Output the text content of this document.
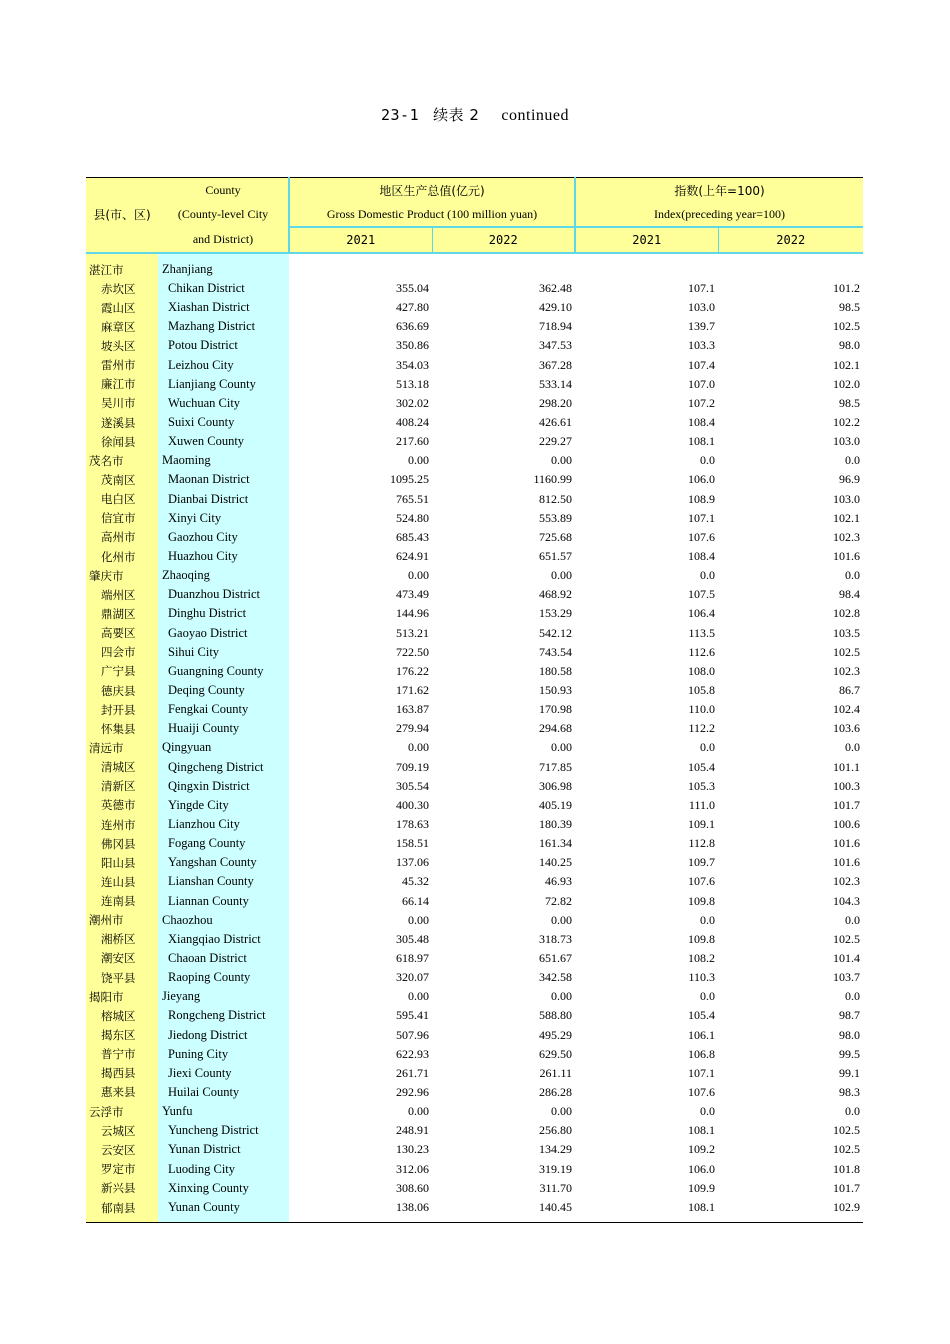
23-1 续表 2 continued
	County	地区生产总值(亿元)		指数(上年=100)	
县(市、区)	(County-level City	Gross Domestic Product (100 million yuan)		Index(preceding year=100)	
	and District)	2021	2022	2021	2022
湛江市	Zhanjiang				
赤坎区	Chikan District	355.04	362.48	107.1	101.2
霞山区	Xiashan District	427.80	429.10	103.0	98.5
麻章区	Mazhang District	636.69	718.94	139.7	102.5
坡头区	Potou District	350.86	347.53	103.3	98.0
雷州市	Leizhou City	354.03	367.28	107.4	102.1
廉江市	Lianjiang County	513.18	533.14	107.0	102.0
吴川市	Wuchuan City	302.02	298.20	107.2	98.5
遂溪县	Suixi County	408.24	426.61	108.4	102.2
徐闻县	Xuwen County	217.60	229.27	108.1	103.0
茂名市	Maoming	0.00	0.00	0.0	0.0
茂南区	Maonan District	1095.25	1160.99	106.0	96.9
电白区	Dianbai District	765.51	812.50	108.9	103.0
信宜市	Xinyi City	524.80	553.89	107.1	102.1
高州市	Gaozhou City	685.43	725.68	107.6	102.3
化州市	Huazhou City	624.91	651.57	108.4	101.6
肇庆市	Zhaoqing	0.00	0.00	0.0	0.0
端州区	Duanzhou District	473.49	468.92	107.5	98.4
鼎湖区	Dinghu District	144.96	153.29	106.4	102.8
高要区	Gaoyao District	513.21	542.12	113.5	103.5
四会市	Sihui City	722.50	743.54	112.6	102.5
广宁县	Guangning County	176.22	180.58	108.0	102.3
德庆县	Deqing County	171.62	150.93	105.8	86.7
封开县	Fengkai County	163.87	170.98	110.0	102.4
怀集县	Huaiji County	279.94	294.68	112.2	103.6
清远市	Qingyuan	0.00	0.00	0.0	0.0
清城区	Qingcheng District	709.19	717.85	105.4	101.1
清新区	Qingxin District	305.54	306.98	105.3	100.3
英德市	Yingde City	400.30	405.19	111.0	101.7
连州市	Lianzhou City	178.63	180.39	109.1	100.6
佛冈县	Fogang County	158.51	161.34	112.8	101.6
阳山县	Yangshan County	137.06	140.25	109.7	101.6
连山县	Lianshan County	45.32	46.93	107.6	102.3
连南县	Liannan County	66.14	72.82	109.8	104.3
潮州市	Chaozhou	0.00	0.00	0.0	0.0
湘桥区	Xiangqiao District	305.48	318.73	109.8	102.5
潮安区	Chaoan District	618.97	651.67	108.2	101.4
饶平县	Raoping County	320.07	342.58	110.3	103.7
揭阳市	Jieyang	0.00	0.00	0.0	0.0
榕城区	Rongcheng District	595.41	588.80	105.4	98.7
揭东区	Jiedong District	507.96	495.29	106.1	98.0
普宁市	Puning City	622.93	629.50	106.8	99.5
揭西县	Jiexi County	261.71	261.11	107.1	99.1
惠来县	Huilai County	292.96	286.28	107.6	98.3
云浮市	Yunfu	0.00	0.00	0.0	0.0
云城区	Yuncheng District	248.91	256.80	108.1	102.5
云安区	Yunan District	130.23	134.29	109.2	102.5
罗定市	Luoding City	312.06	319.19	106.0	101.8
新兴县	Xinxing County	308.60	311.70	109.9	101.7
郁南县	Yunan County	138.06	140.45	108.1	102.9
